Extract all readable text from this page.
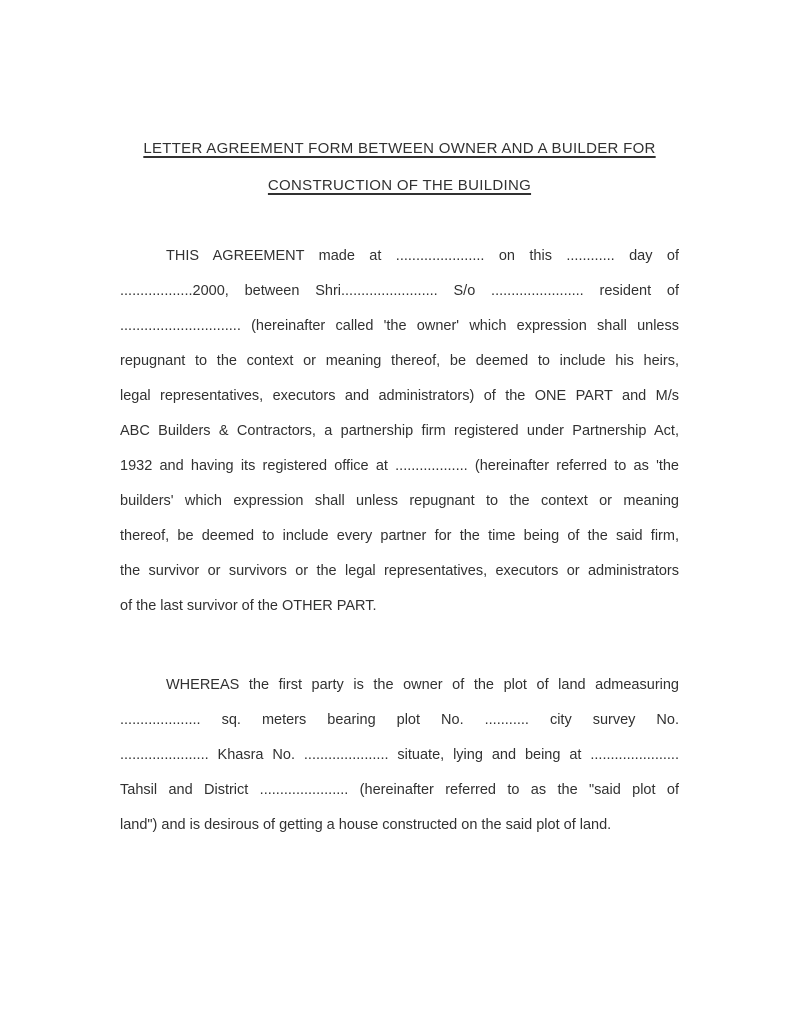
LETTER AGREEMENT FORM BETWEEN OWNER AND A BUILDER FOR
CONSTRUCTION OF THE BUILDING
THIS AGREEMENT made at ...................... on this ............ day of
..................2000, between Shri........................ S/o ....................... resident of
.............................. (hereinafter called 'the owner' which expression shall unless
repugnant to the context or meaning thereof, be deemed to include his heirs,
legal representatives, executors and administrators) of the ONE PART and M/s
ABC Builders & Contractors, a partnership firm registered under Partnership Act,
1932 and having its registered office at .................. (hereinafter referred to as 'the
builders' which expression shall unless repugnant to the context or meaning
thereof, be deemed to include every partner for the time being of the said firm,
the survivor or survivors or the legal representatives, executors or administrators
of the last survivor of the OTHER PART.
WHEREAS the first party is the owner of the plot of land admeasuring
.................... sq. meters bearing plot No. ........... city survey No.
...................... Khasra No. ..................... situate, lying and being at ......................
Tahsil and District ...................... (hereinafter referred to as the "said plot of
land") and is desirous of getting a house constructed on the said plot of land.
